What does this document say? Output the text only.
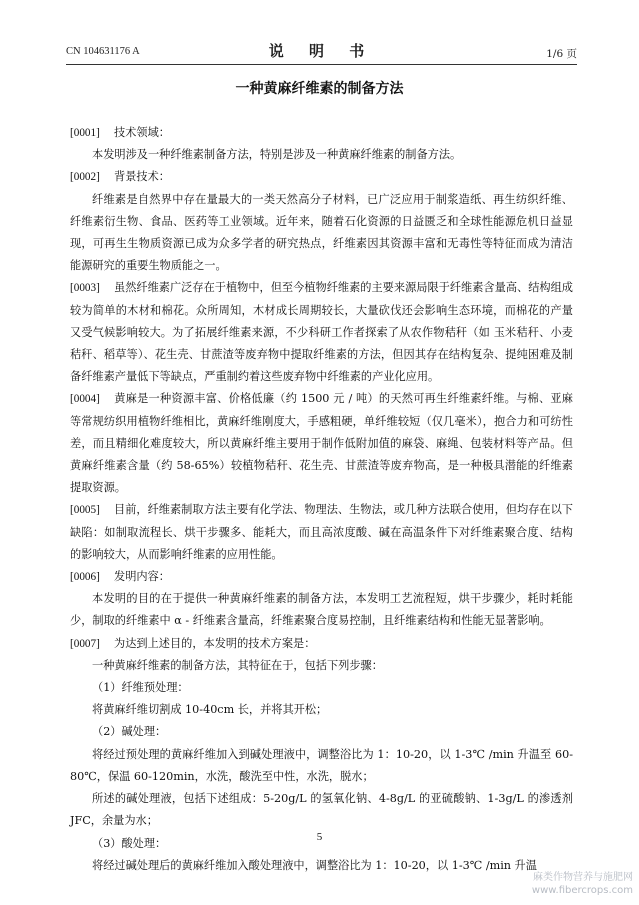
CN 104631176 A	说 明 书	1/6 页
一种黄麻纤维素的制备方法
[0001] 技术领域：
本发明涉及一种纤维素制备方法，特别是涉及一种黄麻纤维素的制备方法。
[0002] 背景技术：
纤维素是自然界中存在量最大的一类天然高分子材料，已广泛应用于制浆造纸、再生纺织纤维、纤维素衍生物、食品、医药等工业领域。近年来，随着石化资源的日益匮乏和全球性能源危机日益显现，可再生生物质资源已成为众多学者的研究热点，纤维素因其资源丰富和无毒性等特征而成为清洁能源研究的重要生物质能之一。
[0003] 虽然纤维素广泛存在于植物中，但至今植物纤维素的主要来源局限于纤维素含量高、结构组成较为简单的木材和棉花。众所周知，木材成长周期较长，大量砍伐还会影响生态环境，而棉花的产量又受气候影响较大。为了拓展纤维素来源，不少科研工作者探索了从农作物秸秆（如 玉米秸秆、小麦秸秆、稻草等）、花生壳、甘蔗渣等废弃物中提取纤维素的方法，但因其存在结构复杂、提纯困难及制备纤维素产量低下等缺点，严重制约着这些废弃物中纤维素的产业化应用。
[0004] 黄麻是一种资源丰富、价格低廉（约 1500 元 / 吨）的天然可再生纤维素纤维。与棉、亚麻等常规纺织用植物纤维相比，黄麻纤维刚度大，手感粗硬，单纤维较短（仅几毫米），抱合力和可纺性差，而且精细化难度较大，所以黄麻纤维主要用于制作低附加值的麻袋、麻绳、包装材料等产品。但黄麻纤维素含量（约 58-65%）较植物秸秆、花生壳、甘蔗渣等废弃物高，是一种极具潜能的纤维素提取资源。
[0005] 目前，纤维素制取方法主要有化学法、物理法、生物法，或几种方法联合使用，但均存在以下缺陷：如制取流程长、烘干步骤多、能耗大，而且高浓度酸、碱在高温条件下对纤维素聚合度、结构的影响较大，从而影响纤维素的应用性能。
[0006] 发明内容：
本发明的目的在于提供一种黄麻纤维素的制备方法，本发明工艺流程短，烘干步骤少，耗时耗能少，制取的纤维素中 α - 纤维素含量高，纤维素聚合度易控制，且纤维素结构和性能无显著影响。
[0007] 为达到上述目的，本发明的技术方案是：
一种黄麻纤维素的制备方法，其特征在于，包括下列步骤：
（1）纤维预处理：
将黄麻纤维切割成 10-40cm 长，并将其开松；
（2）碱处理：
将经过预处理的黄麻纤维加入到碱处理液中，调整浴比为 1：10-20，以 1-3℃ /min 升温至 60-80℃，保温 60-120min，水洗，酸洗至中性，水洗，脱水；
所述的碱处理液，包括下述组成：5-20g/L 的氢氧化钠、4-8g/L 的亚硫酸钠、1-3g/L 的渗透剂 JFC，余量为水；
（3）酸处理：
将经过碱处理后的黄麻纤维加入酸处理液中，调整浴比为 1：10-20，以 1-3℃ /min 升温
5
麻类作物营养与施肥网
www.fibercrops.com
